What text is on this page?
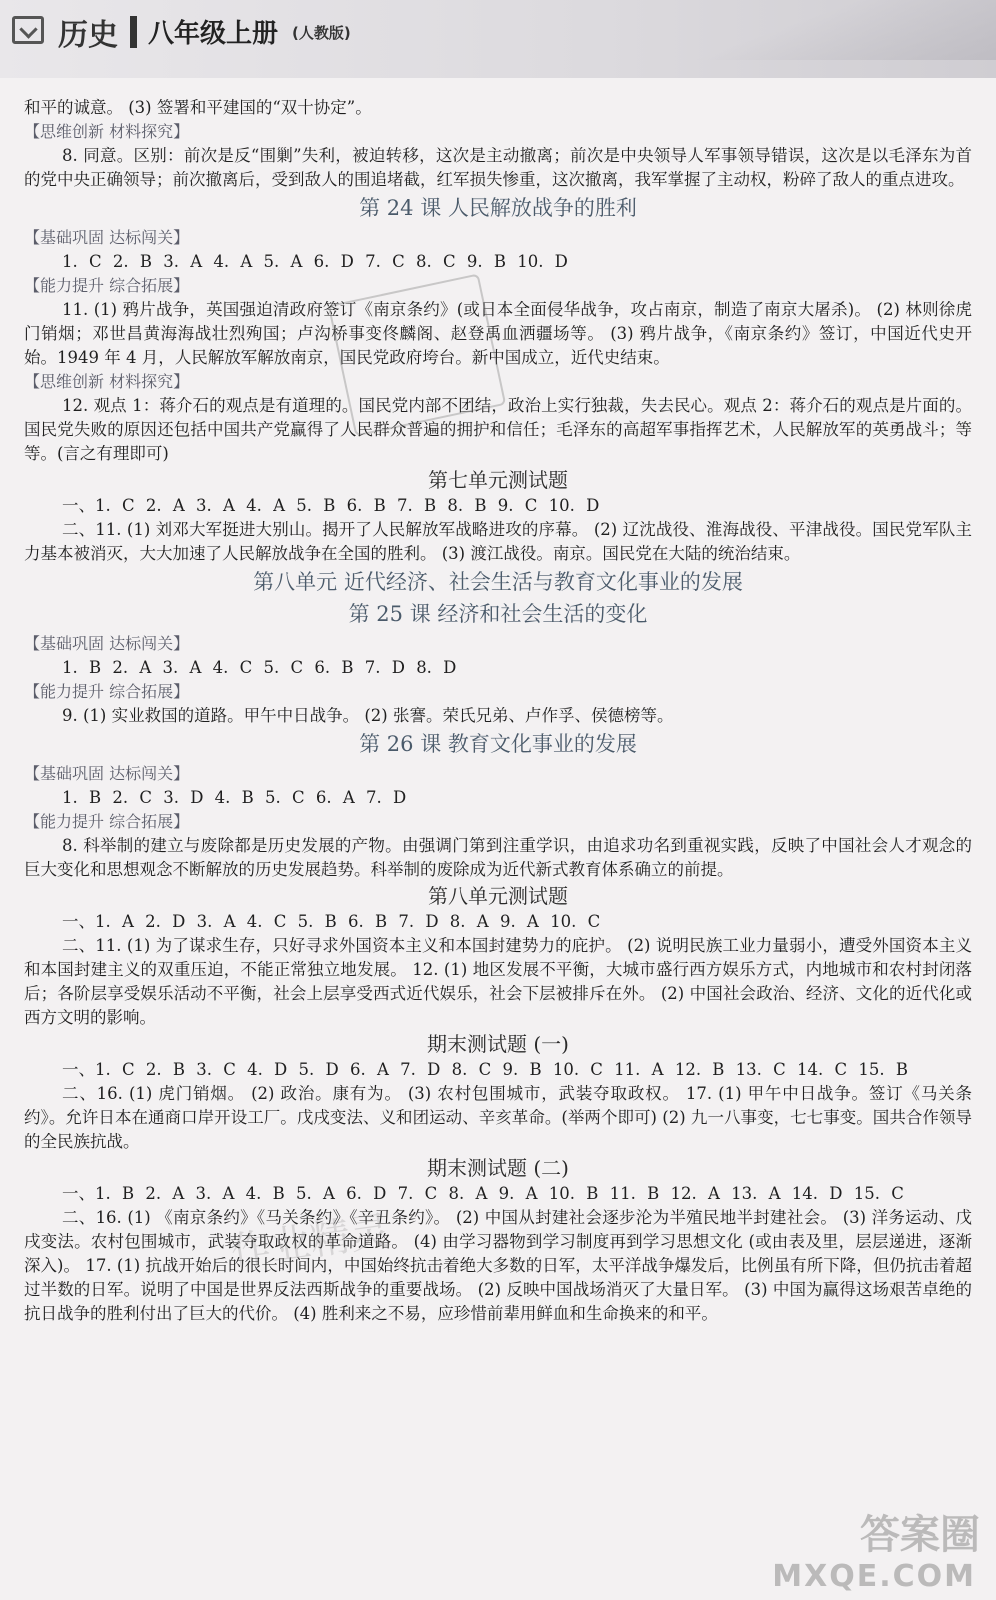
历史 八年级上册 (人教版)

和平的诚意。 (3) 签署和平建国的“双十协定”。

【思维创新 材料探究】

8. 同意。区别：前次是反“围剿”失利，被迫转移，这次是主动撤离；前次是中央领导人军事领导错误，这次是以毛泽东为首的党中央正确领导；前次撤离后，受到敌人的围追堵截，红军损失惨重，这次撤离，我军掌握了主动权，粉碎了敌人的重点进攻。

第 24 课 人民解放战争的胜利

【基础巩固 达标闯关】

1. C 2. B 3. A 4. A 5. A 6. D 7. C 8. C 9. B 10. D

【能力提升 综合拓展】

11. (1) 鸦片战争，英国强迫清政府签订《南京条约》(或日本全面侵华战争，攻占南京，制造了南京大屠杀)。 (2) 林则徐虎门销烟；邓世昌黄海海战壮烈殉国；卢沟桥事变佟麟阁、赵登禹血洒疆场等。 (3) 鸦片战争，《南京条约》签订，中国近代史开始。1949 年 4 月，人民解放军解放南京，国民党政府垮台。新中国成立，近代史结束。

【思维创新 材料探究】

12. 观点 1：蒋介石的观点是有道理的。国民党内部不团结，政治上实行独裁，失去民心。观点 2：蒋介石的观点是片面的。国民党失败的原因还包括中国共产党赢得了人民群众普遍的拥护和信任；毛泽东的高超军事指挥艺术，人民解放军的英勇战斗；等等。(言之有理即可)

第七单元测试题

一、1. C 2. A 3. A 4. A 5. B 6. B 7. B 8. B 9. C 10. D

二、11. (1) 刘邓大军挺进大别山。揭开了人民解放军战略进攻的序幕。 (2) 辽沈战役、淮海战役、平津战役。国民党军队主力基本被消灭，大大加速了人民解放战争在全国的胜利。 (3) 渡江战役。南京。国民党在大陆的统治结束。

第八单元 近代经济、社会生活与教育文化事业的发展

第 25 课 经济和社会生活的变化

【基础巩固 达标闯关】

1. B 2. A 3. A 4. C 5. C 6. B 7. D 8. D

【能力提升 综合拓展】

9. (1) 实业救国的道路。甲午中日战争。 (2) 张謇。荣氏兄弟、卢作孚、侯德榜等。

第 26 课 教育文化事业的发展

【基础巩固 达标闯关】

1. B 2. C 3. D 4. B 5. C 6. A 7. D

【能力提升 综合拓展】

8. 科举制的建立与废除都是历史发展的产物。由强调门第到注重学识，由追求功名到重视实践，反映了中国社会人才观念的巨大变化和思想观念不断解放的历史发展趋势。科举制的废除成为近代新式教育体系确立的前提。

第八单元测试题

一、1. A 2. D 3. A 4. C 5. B 6. B 7. D 8. A 9. A 10. C

二、11. (1) 为了谋求生存，只好寻求外国资本主义和本国封建势力的庇护。 (2) 说明民族工业力量弱小，遭受外国资本主义和本国封建主义的双重压迫，不能正常独立地发展。 12. (1) 地区发展不平衡，大城市盛行西方娱乐方式，内地城市和农村封闭落后；各阶层享受娱乐活动不平衡，社会上层享受西式近代娱乐，社会下层被排斥在外。 (2) 中国社会政治、经济、文化的近代化或西方文明的影响。

期末测试题 (一)

一、1. C 2. B 3. C 4. D 5. D 6. A 7. D 8. C 9. B 10. C 11. A 12. B 13. C 14. C 15. B

二、16. (1) 虎门销烟。 (2) 政治。康有为。 (3) 农村包围城市，武装夺取政权。 17. (1) 甲午中日战争。签订《马关条约》。允许日本在通商口岸开设工厂。戊戌变法、义和团运动、辛亥革命。(举两个即可) (2) 九一八事变，七七事变。国共合作领导的全民族抗战。

期末测试题 (二)

一、1. B 2. A 3. A 4. B 5. A 6. D 7. C 8. A 9. A 10. B 11. B 12. A 13. A 14. D 15. C

二、16. (1) 《南京条约》《马关条约》《辛丑条约》。 (2) 中国从封建社会逐步沦为半殖民地半封建社会。 (3) 洋务运动、戊戌变法。农村包围城市，武装夺取政权的革命道路。 (4) 由学习器物到学习制度再到学习思想文化 (或由表及里，层层递进，逐渐深入)。 17. (1) 抗战开始后的很长时间内，中国始终抗击着绝大多数的日军，太平洋战争爆发后，比例虽有所下降，但仍抗击着超过半数的日军。说明了中国是世界反法西斯战争的重要战场。 (2) 反映中国战场消灭了大量日军。 (3) 中国为赢得这场艰苦卓绝的抗日战争的胜利付出了巨大的代价。 (4) 胜利来之不易，应珍惜前辈用鲜血和生命换来的和平。

作业精灵
答案圈
MXQE.COM
